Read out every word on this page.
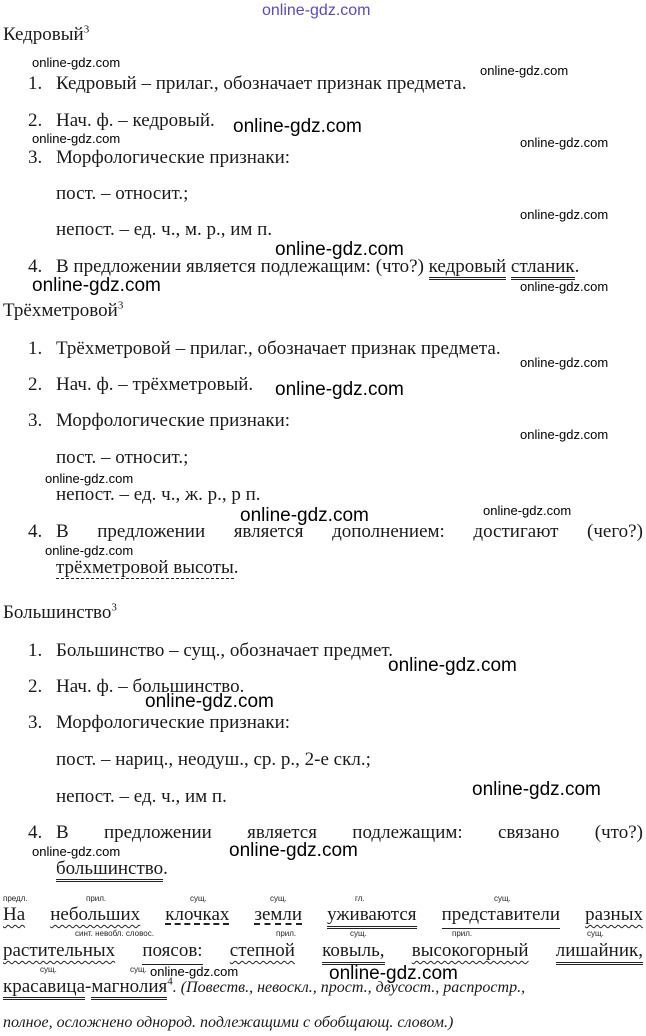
online-gdz.com
Кедровый$^3$
1. Кедровый – прилаг., обозначает признак предмета.
2. Нач. ф. – кедровый.
3. Морфологические признаки:
пост. – относит.;
непост. – ед. ч., м. р., им п.
4. В предложении является подлежащим: (что?) кедровый стланик.
Трёхметровой$^3$
1. Трёхметровой – прилаг., обозначает признак предмета.
2. Нач. ф. – трёхметровый.
3. Морфологические признаки:
пост. – относит.;
непост. – ед. ч., ж. р., р п.
4. В предложении является дополнением: достигают (чего?)
трёхметровой высоты.
Большинство$^3$
1. Большинство – сущ., обозначает предмет.
2. Нач. ф. – большинство.
3. Морфологические признаки:
пост. – нариц., неодуш., ср. р., 2-е скл.;
непост. – ед. ч., им п.
4. В предложении является подлежащим: связано (что?)
большинство.
предл.	прил.	сущ.	сущ.	гл.	сущ.
На небольших клочках земли уживаются представители разных
синт. невобл. словос.	прил.	сущ.	прил.	сущ.
растительных поясов: степной ковыль, высокогорный лишайник,
сущ.	сущ.
красавица-магнолия$^4$. (Повеств., невоскл., прост., двусост., распростр.,
полное, осложнено однород. подлежащими с обобщающ. словом.)
online-gdz.com
online-gdz.com
online-gdz.com	online-gdz.com
online-gdz.com
online-gdz.com
online-gdz.com
online-gdz.com
online-gdz.com
online-gdz.com
online-gdz.com
online-gdz.com
online-gdz.com
online-gdz.com
online-gdz.com
online-gdz.com
online-gdz.com
online-gdz.com
online-gdz.com
online-gdz.com
online-gdz.com
online-gdz.com
online-gdz.com
